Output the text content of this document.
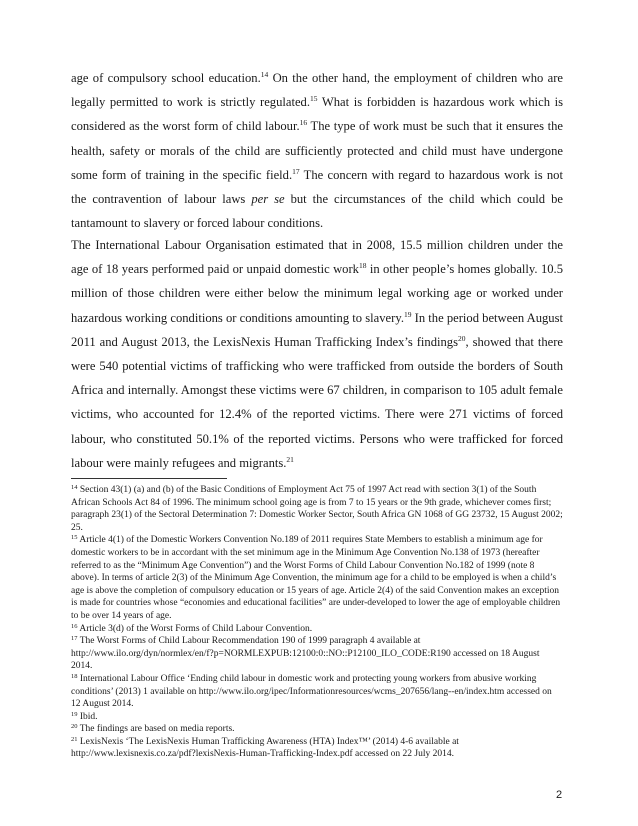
age of compulsory school education.$^{14}$ On the other hand, the employment of children who are legally permitted to work is strictly regulated.$^{15}$ What is forbidden is hazardous work which is considered as the worst form of child labour.$^{16}$ The type of work must be such that it ensures the health, safety or morals of the child are sufficiently protected and child must have undergone some form of training in the specific field.$^{17}$ The concern with regard to hazardous work is not the contravention of labour laws per se but the circumstances of the child which could be tantamount to slavery or forced labour conditions.
The International Labour Organisation estimated that in 2008, 15.5 million children under the age of 18 years performed paid or unpaid domestic work$^{18}$ in other people’s homes globally. 10.5 million of those children were either below the minimum legal working age or worked under hazardous working conditions or conditions amounting to slavery.$^{19}$ In the period between August 2011 and August 2013, the LexisNexis Human Trafficking Index’s findings$^{20}$, showed that there were 540 potential victims of trafficking who were trafficked from outside the borders of South Africa and internally. Amongst these victims were 67 children, in comparison to 105 adult female victims, who accounted for 12.4% of the reported victims. There were 271 victims of forced labour, who constituted 50.1% of the reported victims. Persons who were trafficked for forced labour were mainly refugees and migrants.$^{21}$
$^{14}$ Section 43(1) (a) and (b) of the Basic Conditions of Employment Act 75 of 1997 Act read with section 3(1) of the South African Schools Act 84 of 1996. The minimum school going age is from 7 to 15 years or the 9th grade, whichever comes first; paragraph 23(1) of the Sectoral Determination 7: Domestic Worker Sector, South Africa GN 1068 of GG 23732, 15 August 2002; 25.
$^{15}$ Article 4(1) of the Domestic Workers Convention No.189 of 2011 requires State Members to establish a minimum age for domestic workers to be in accordant with the set minimum age in the Minimum Age Convention No.138 of 1973 (hereafter referred to as the “Minimum Age Convention”) and the Worst Forms of Child Labour Convention No.182 of 1999 (note 8 above). In terms of article 2(3) of the Minimum Age Convention, the minimum age for a child to be employed is when a child’s age is above the completion of compulsory education or 15 years of age. Article 2(4) of the said Convention makes an exception is made for countries whose “economies and educational facilities” are under-developed to lower the age of employable children to be over 14 years of age.
$^{16}$ Article 3(d) of the Worst Forms of Child Labour Convention.
$^{17}$ The Worst Forms of Child Labour Recommendation 190 of 1999 paragraph 4 available at http://www.ilo.org/dyn/normlex/en/f?p=NORMLEXPUB:12100:0::NO::P12100_ILO_CODE:R190 accessed on 18 August 2014.
$^{18}$ International Labour Office ‘Ending child labour in domestic work and protecting young workers from abusive working conditions’ (2013) 1 available on http://www.ilo.org/ipec/Informationresources/wcms_207656/lang--en/index.htm accessed on 12 August 2014.
$^{19}$ Ibid.
$^{20}$ The findings are based on media reports.
$^{21}$ LexisNexis ‘The LexisNexis Human Trafficking Awareness (HTA) Index™’ (2014) 4-6 available at http://www.lexisnexis.co.za/pdf?lexisNexis-Human-Trafficking-Index.pdf accessed on 22 July 2014.
2
